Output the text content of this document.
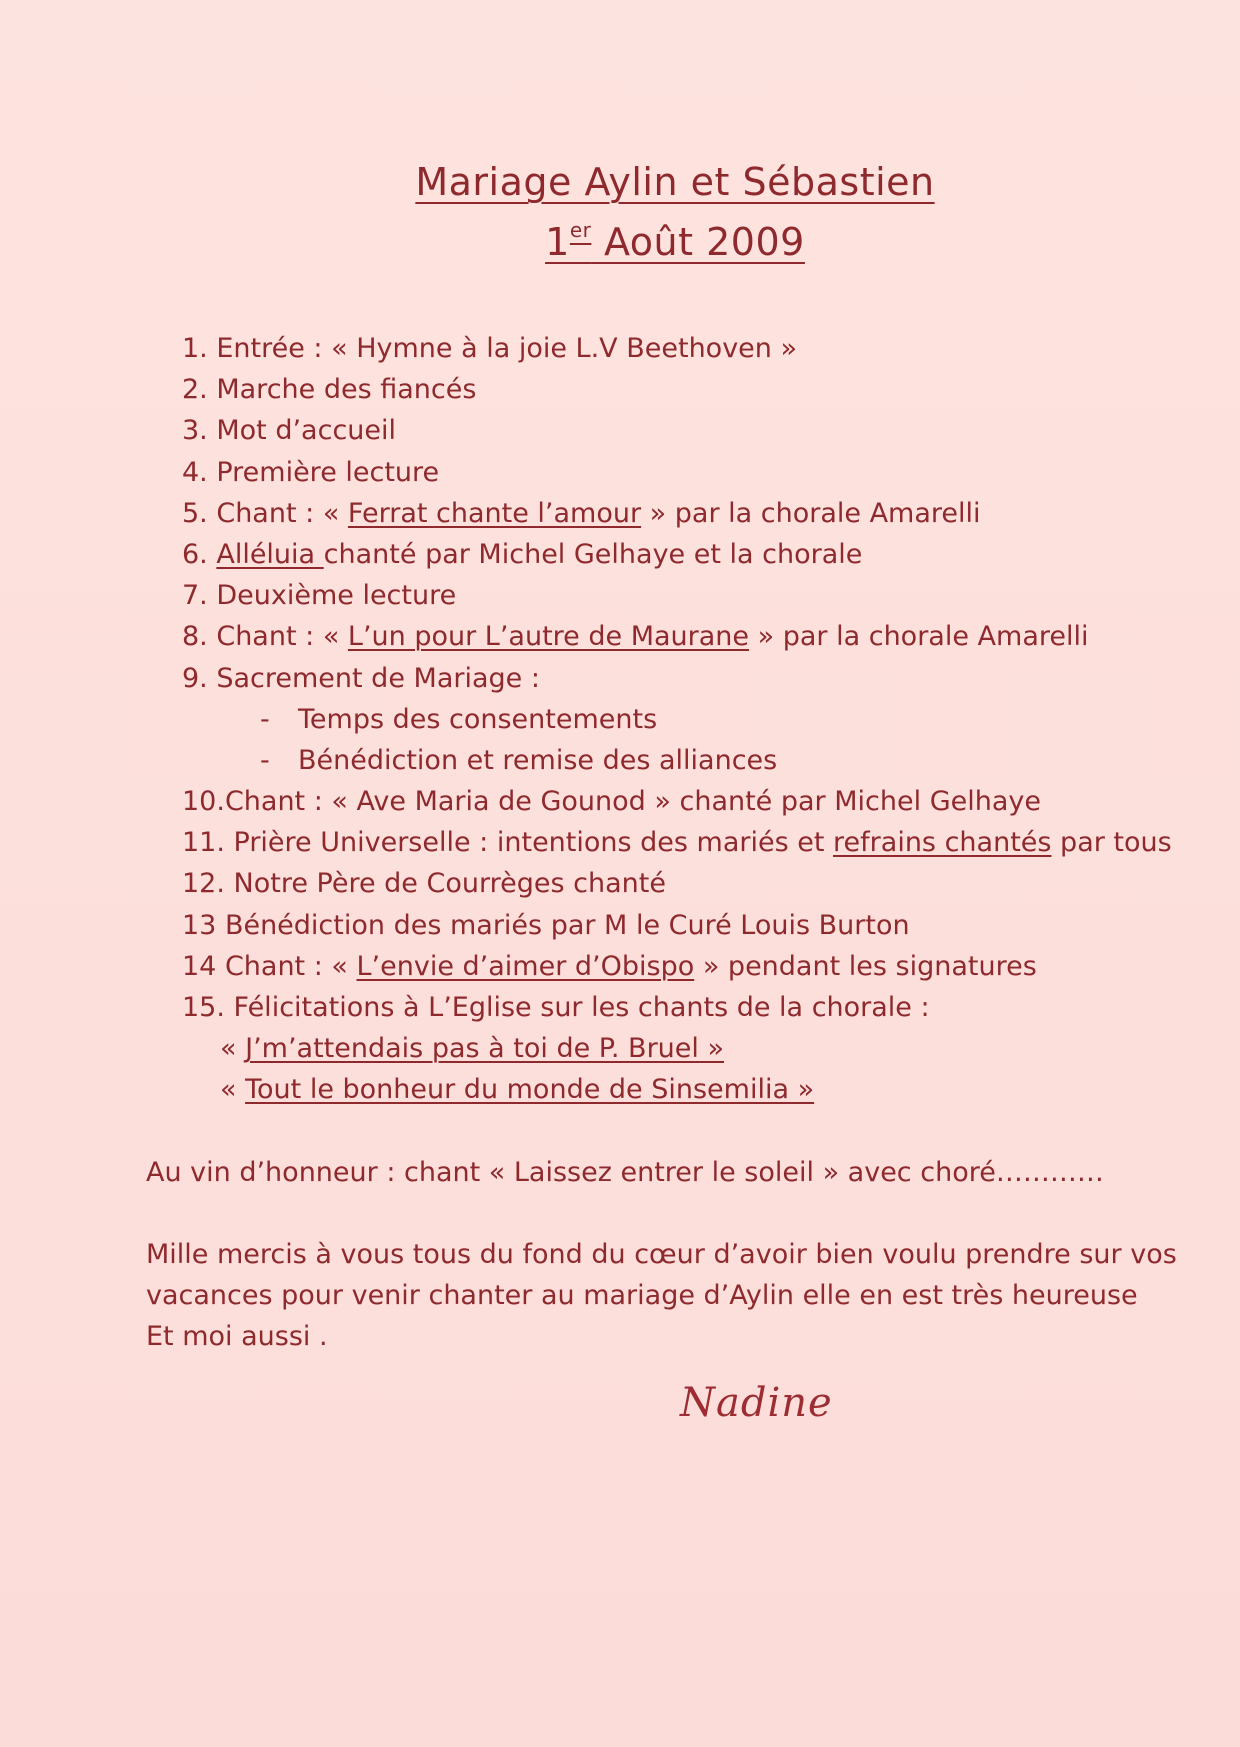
Mariage Aylin et Sébastien
1er Août 2009
1. Entrée : « Hymne à la joie L.V Beethoven »
2. Marche des fiancés
3. Mot d’accueil
4. Première lecture
5. Chant : « Ferrat chante l’amour » par la chorale Amarelli
6. Alléluia chanté par Michel Gelhaye et la chorale
7. Deuxième lecture
8. Chant : « L’un pour L’autre de Maurane » par la chorale Amarelli
9. Sacrement de Mariage :
- Temps des consentements
- Bénédiction et remise des alliances
10.Chant : « Ave Maria de Gounod » chanté par Michel Gelhaye
11. Prière Universelle : intentions des mariés et refrains chantés par tous
12. Notre Père de Courrèges chanté
13 Bénédiction des mariés par M le Curé Louis Burton
14 Chant : « L’envie d’aimer d’Obispo » pendant les signatures
15. Félicitations à L’Eglise sur les chants de la chorale :
« J’m’attendais pas à toi de P. Bruel »
« Tout le bonheur du monde de Sinsemilia »
Au vin d’honneur : chant « Laissez entrer le soleil » avec choré…………
Mille mercis à vous tous du fond du cœur d’avoir bien voulu prendre sur vos
vacances pour venir chanter au mariage d’Aylin elle en est très heureuse
Et moi aussi .
Nadine
